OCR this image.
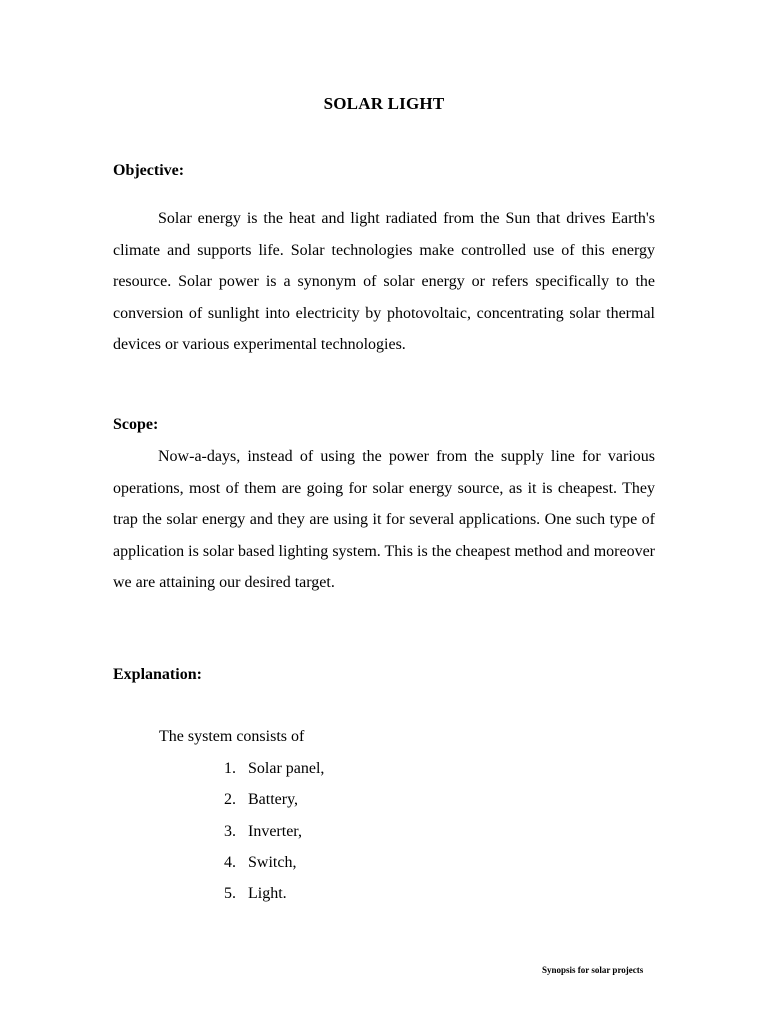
SOLAR LIGHT
Objective:

Solar energy is the heat and light radiated from the Sun that drives Earth's climate and supports life. Solar technologies make controlled use of this energy resource. Solar power is a synonym of solar energy or refers specifically to the conversion of sunlight into electricity by photovoltaic, concentrating solar thermal devices or various experimental technologies.

Scope:

Now-a-days, instead of using the power from the supply line for various operations, most of them are going for solar energy source, as it is cheapest. They trap the solar energy and they are using it for several applications. One such type of application is solar based lighting system. This is the cheapest method and moreover we are attaining our desired target.

Explanation:
The system consists of
1. Solar panel,
2. Battery,
3. Inverter,
4. Switch,
5. Light.
Synopsis for solar projects
